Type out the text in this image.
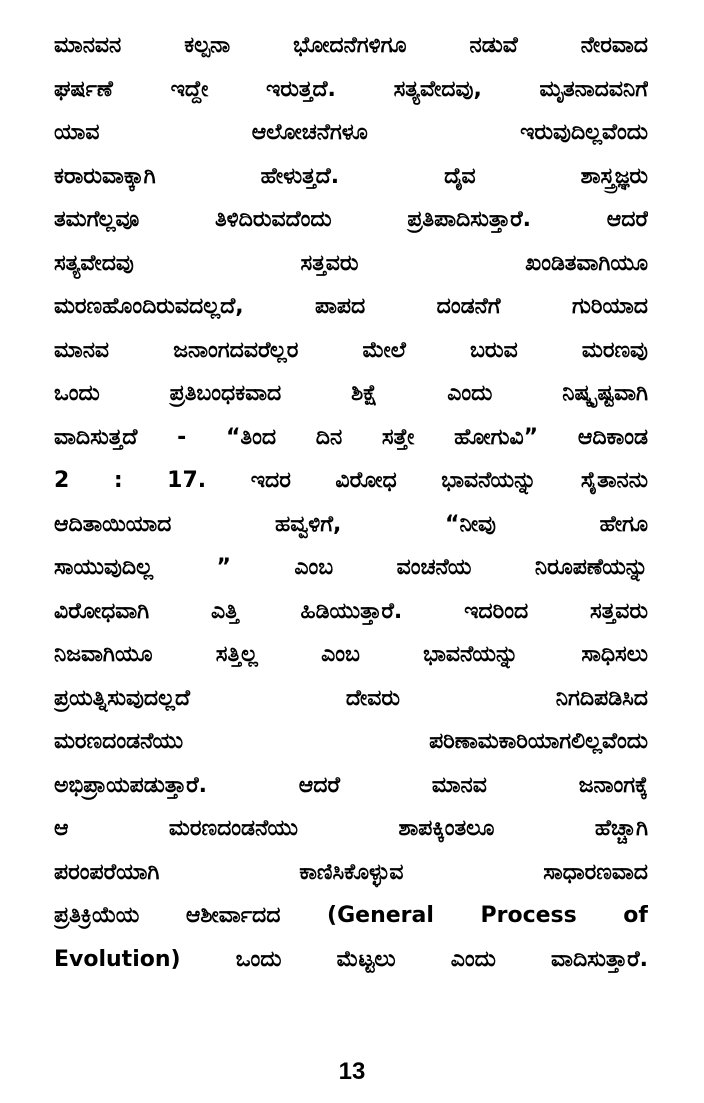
ಮಾನವನ ಕಲ್ಪನಾ ಭೋದನೆಗಳಿಗೂ ನಡುವೆ ನೇರವಾದ
ಘರ್ಷಣೆ ಇದ್ದೇ ಇರುತ್ತದೆ. ಸತ್ಯವೇದವು, ಮೃತನಾದವನಿಗೆ
ಯಾವ ಆಲೋಚನೆಗಳೂ ಇರುವುದಿಲ್ಲವೆಂದು
ಕರಾರುವಾಕ್ಕಾಗಿ ಹೇಳುತ್ತದೆ. ದೈವ ಶಾಸ್ತ್ರಜ್ಞರು
ತಮಗೆಲ್ಲವೂ ತಿಳಿದಿರುವದೆಂದು ಪ್ರತಿಪಾದಿಸುತ್ತಾರೆ. ಆದರೆ
ಸತ್ಯವೇದವು ಸತ್ತವರು ಖಂಡಿತವಾಗಿಯೂ
ಮರಣಹೊಂದಿರುವದಲ್ಲದೆ, ಪಾಪದ ದಂಡನೆಗೆ ಗುರಿಯಾದ
ಮಾನವ ಜನಾಂಗದವರೆಲ್ಲರ ಮೇಲೆ ಬರುವ ಮರಣವು
ಒಂದು ಪ್ರತಿಬಂಧಕವಾದ ಶಿಕ್ಷೆ ಎಂದು ನಿಷ್ಕೃಷ್ಟವಾಗಿ
ವಾದಿಸುತ್ತದೆ - “ತಿಂದ ದಿನ ಸತ್ತೇ ಹೋಗುವಿ” ಆದಿಕಾಂಡ
2 : 17. ಇದರ ವಿರೋಧ ಭಾವನೆಯನ್ನು ಸೈತಾನನು
ಆದಿತಾಯಿಯಾದ ಹವ್ವಳಿಗೆ, “ನೀವು ಹೇಗೂ
ಸಾಯುವುದಿಲ್ಲ ” ಎಂಬ ವಂಚನೆಯ ನಿರೂಪಣೆಯನ್ನು
ವಿರೋಧವಾಗಿ ಎತ್ತಿ ಹಿಡಿಯುತ್ತಾರೆ. ಇದರಿಂದ ಸತ್ತವರು
ನಿಜವಾಗಿಯೂ ಸತ್ತಿಲ್ಲ ಎಂಬ ಭಾವನೆಯನ್ನು ಸಾಧಿಸಲು
ಪ್ರಯತ್ನಿಸುವುದಲ್ಲದೆ ದೇವರು ನಿಗದಿಪಡಿಸಿದ
ಮರಣದಂಡನೆಯು ಪರಿಣಾಮಕಾರಿಯಾಗಲಿಲ್ಲವೆಂದು
ಅಭಿಪ್ರಾಯಪಡುತ್ತಾರೆ. ಆದರೆ ಮಾನವ ಜನಾಂಗಕ್ಕೆ
ಆ ಮರಣದಂಡನೆಯು ಶಾಪಕ್ಕಿಂತಲೂ ಹೆಚ್ಚಾಗಿ
ಪರಂಪರೆಯಾಗಿ ಕಾಣಿಸಿಕೊಳ್ಳುವ ಸಾಧಾರಣವಾದ
ಪ್ರತಿಕ್ರಿಯೆಯ ಆಶೀರ್ವಾದದ (General Process of
Evolution) ಒಂದು ಮೆಟ್ಟಲು ಎಂದು ವಾದಿಸುತ್ತಾರೆ.
13
